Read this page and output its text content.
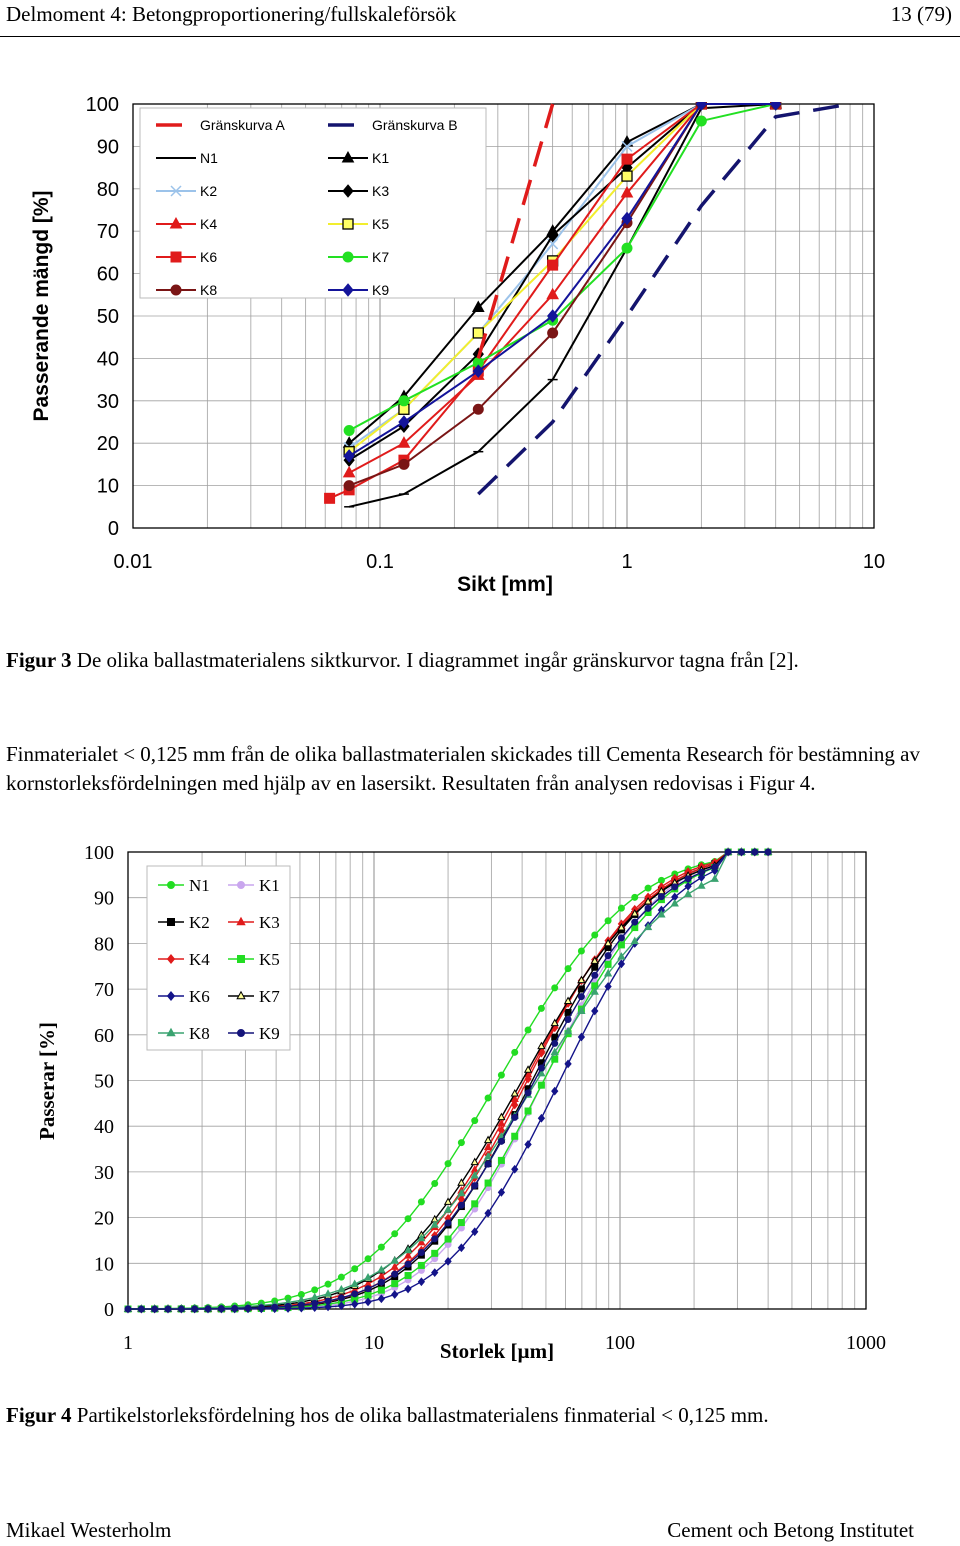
Delmoment 4: Betongproportionering/fullskaleförsök	13 (79)
0
10
20
30
40
50
60
70
80
90
100
0.01	0.1	1	10
Sikt [mm]
Passerande mängd [%]
Gränskurva A	Gränskurva B
N1	K1
K2	K3
K4	K5
K6	K7
K8	K9
Figur 3 De olika ballastmaterialens siktkurvor. I diagrammet ingår gränskurvor tagna från [2].
Finmaterialet < 0,125 mm från de olika ballastmaterialen skickades till Cementa Research för bestämning av kornstorleksfördelningen med hjälp av en lasersikt. Resultaten från analysen redovisas i Figur 4.
0
10
20
30
40
50
60
70
80
90
100
1	10	100	1000
Storlek [µm]
Passerar [%]
N1	K1
K2	K3
K4	K5
K6	K7
K8	K9
Figur 4 Partikelstorleksfördelning hos de olika ballastmaterialens finmaterial < 0,125 mm.
Mikael Westerholm	Cement och Betong Institutet
